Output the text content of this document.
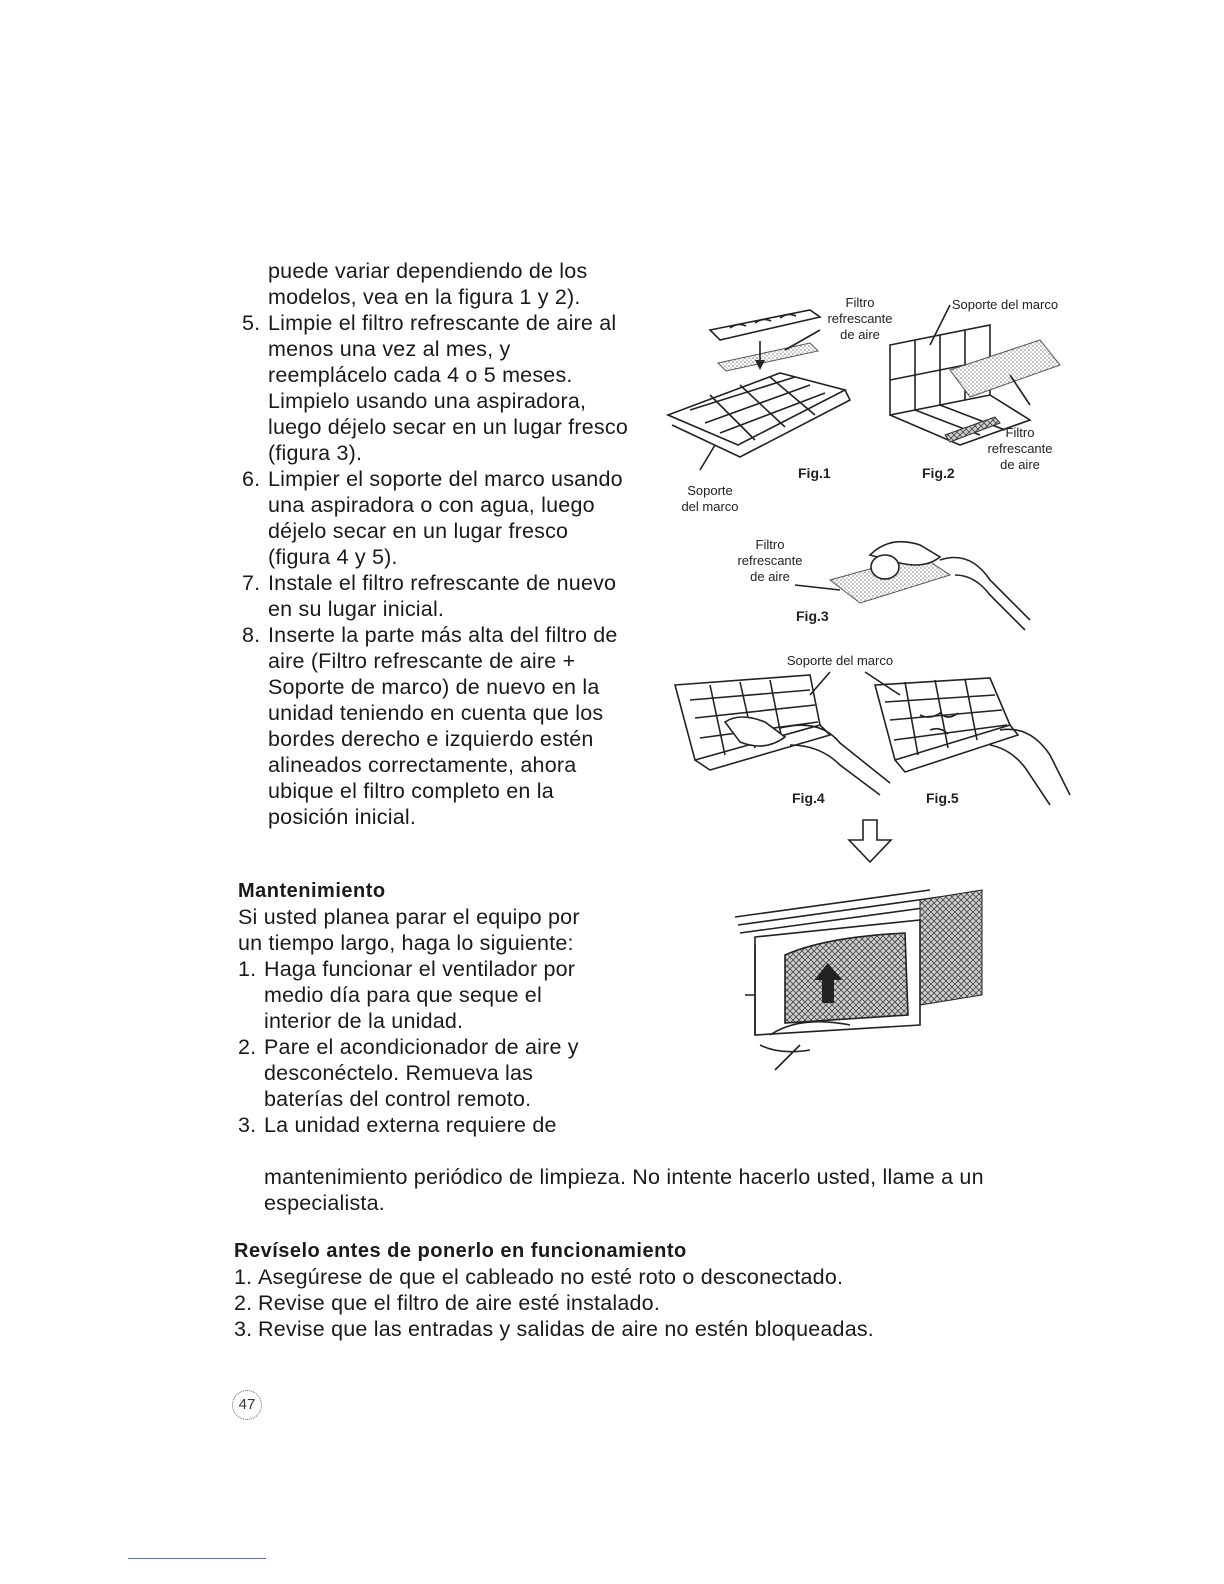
puede variar dependiendo de los
modelos, vea en la figura 1 y 2).
5. Limpie el filtro refrescante de aire al
menos una vez al mes, y
reemplácelo cada 4 o 5 meses.
Limpielo usando una aspiradora,
luego déjelo secar en un lugar fresco
(figura 3).
6. Limpier el soporte del marco usando
una aspiradora o con agua, luego
déjelo secar en un lugar fresco
(figura 4 y 5).
7. Instale el filtro refrescante de nuevo
en su lugar inicial.
8. Inserte la parte más alta del filtro de
aire (Filtro refrescante de aire +
Soporte de marco) de nuevo en la
unidad teniendo en cuenta que los
bordes derecho e izquierdo estén
alineados correctamente, ahora
ubique el filtro completo en la
posición inicial.
Mantenimiento
Si usted planea parar el equipo por
un tiempo largo, haga lo siguiente:
1. Haga funcionar el ventilador por
medio día para que seque el
interior de la unidad.
2. Pare el acondicionador de aire y
desconéctelo. Remueva las
baterías del control remoto.
3. La unidad externa requiere de
mantenimiento periódico de limpieza. No intente hacerlo usted, llame a un
especialista.
Revíselo antes de ponerlo en funcionamiento
1. Asegúrese de que el cableado no esté roto o desconectado.
2. Revise que el filtro de aire esté instalado.
3. Revise que las entradas y salidas de aire no estén bloqueadas.
47
Filtro
refrescante
de aire
Soporte
del marco
Fig.1
Soporte del marco
Filtro
refrescante
de aire
Fig.2
Filtro
refrescante
de aire
Fig.3
Soporte del marco
Fig.4	Fig.5
